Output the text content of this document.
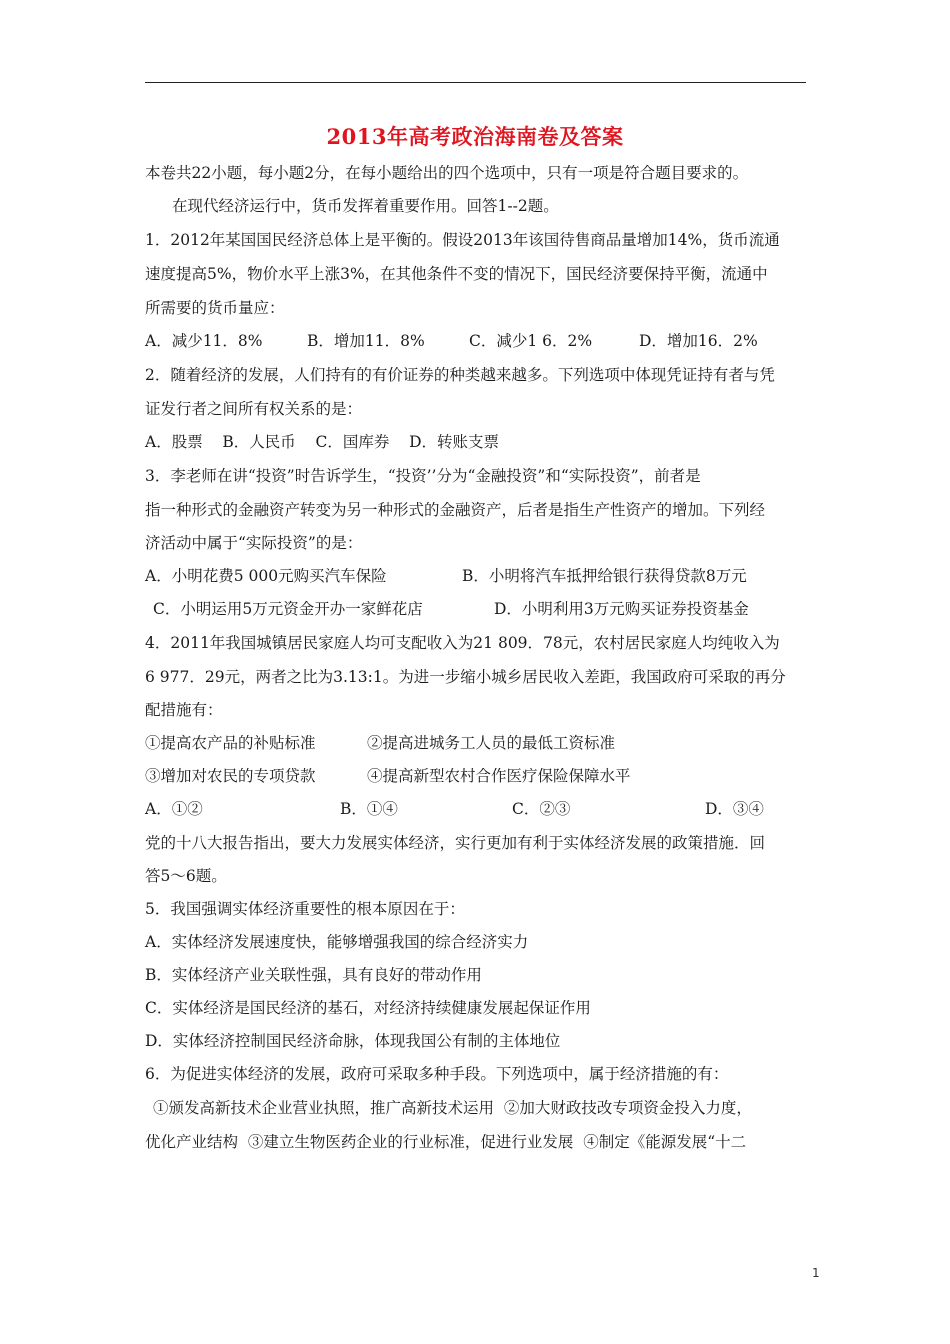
2013年高考政治海南卷及答案
本卷共22小题，每小题2分，在每小题给出的四个选项中，只有一项是符合题目要求的。
在现代经济运行中，货币发挥着重要作用。回答1--2题。
1．2012年某国国民经济总体上是平衡的。假设2013年该国待售商品量增加14%，货币流通
速度提高5%，物价水平上涨3%，在其他条件不变的情况下，国民经济要保持平衡，流通中
所需要的货币量应：
A．减少11．8%	B．增加11．8%	C．减少1 6．2%	D．增加16．2%
2．随着经济的发展，人们持有的有价证券的种类越来越多。下列选项中体现凭证持有者与凭
证发行者之间所有权关系的是：
A．股票    B．人民币    C．国库券    D．转账支票
3．李老师在讲“投资”时告诉学生，“投资’’分为“金融投资”和“实际投资”，前者是
指一种形式的金融资产转变为另一种形式的金融资产，后者是指生产性资产的增加。下列经
济活动中属于“实际投资”的是：
A．小明花费5 000元购买汽车保险	B．小明将汽车抵押给银行获得贷款8万元
C．小明运用5万元资金开办一家鲜花店	D．小明利用3万元购买证券投资基金
4．2011年我国城镇居民家庭人均可支配收入为21 809．78元，农村居民家庭人均纯收入为
6 977．29元，两者之比为3.13:1。为进一步缩小城乡居民收入差距，我国政府可采取的再分
配措施有：
①提高农产品的补贴标准	②提高进城务工人员的最低工资标准
③增加对农民的专项贷款	④提高新型农村合作医疗保险保障水平
A．①②	B．①④	C．②③	D．③④
党的十八大报告指出，要大力发展实体经济，实行更加有利于实体经济发展的政策措施．回
答5～6题。
5．我国强调实体经济重要性的根本原因在于：
A．实体经济发展速度快，能够增强我国的综合经济实力
B．实体经济产业关联性强，具有良好的带动作用
C．实体经济是国民经济的基石，对经济持续健康发展起保证作用
D．实体经济控制国民经济命脉，体现我国公有制的主体地位
6．为促进实体经济的发展，政府可采取多种手段。下列选项中，属于经济措施的有：
①颁发高新技术企业营业执照，推广高新技术运用  ②加大财政技改专项资金投入力度，
优化产业结构  ③建立生物医药企业的行业标准，促进行业发展  ④制定《能源发展“十二
1
